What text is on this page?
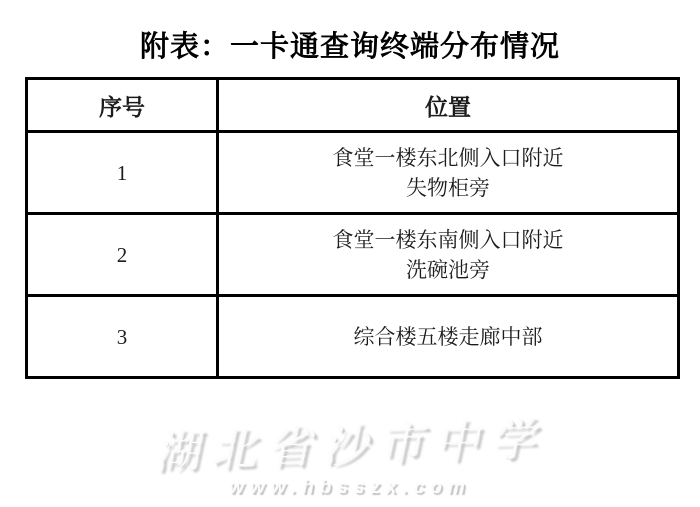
附表：一卡通查询终端分布情况
序号	位置
1	食堂一楼东北侧入口附近
失物柜旁

2	食堂一楼东南侧入口附近
洗碗池旁

3	综合楼五楼走廊中部
湖北省沙市中学
www.hbsszx.com
